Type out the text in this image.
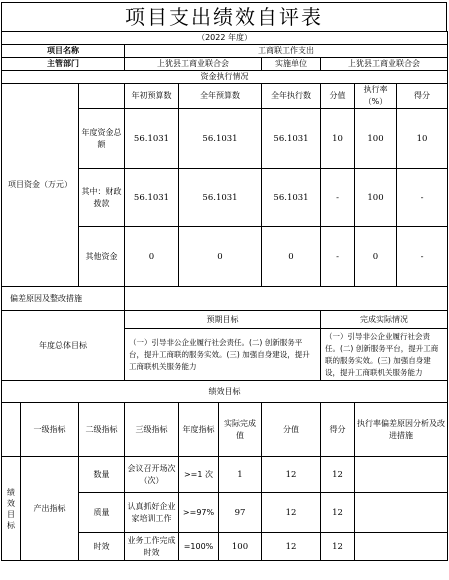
项目支出绩效自评表
（2022 年度）									
项目名称			工商联工作支出						
主管部门			上犹县工商业联合会			实施单位	上犹县工商业联合会		
资金执行情况									
项目资金（万元）			年初预算数	全年预算数		全年执行数	分值	执行率（%）	得分
		年度资金总额	56.1031	56.1031		56.1031	10	100	10
		其中：财政拨款	56.1031	56.1031		56.1031	-	100	-
		其他资金	0	0		0	-	0	-
偏差原因及整改措施									
年度总体目标			预期目标				完成实际情况		
			（一）引导非公企业履行社会责任。(二) 创新服务平台，提升工商联的服务实效。(三) 加强自身建设，提升工商联机关服务能力				（一）引导非公企业履行社会责任。(二) 创新服务平台，提升工商联的服务实效。(三) 加强自身建设，提升工商联机关服务能力		
绩效目标									
	一级指标	二级指标	三级指标	年度指标	实际完成值	分值	得分	执行率偏差原因分析及改进措施	
绩效目标	产出指标	数量	会议召开场次（次）	>=1 次	1	12	12		
		质量	认真抓好企业家培训工作	>=97%	97	12	12		
		时效	业务工作完成时效	=100%	100	12	12		
